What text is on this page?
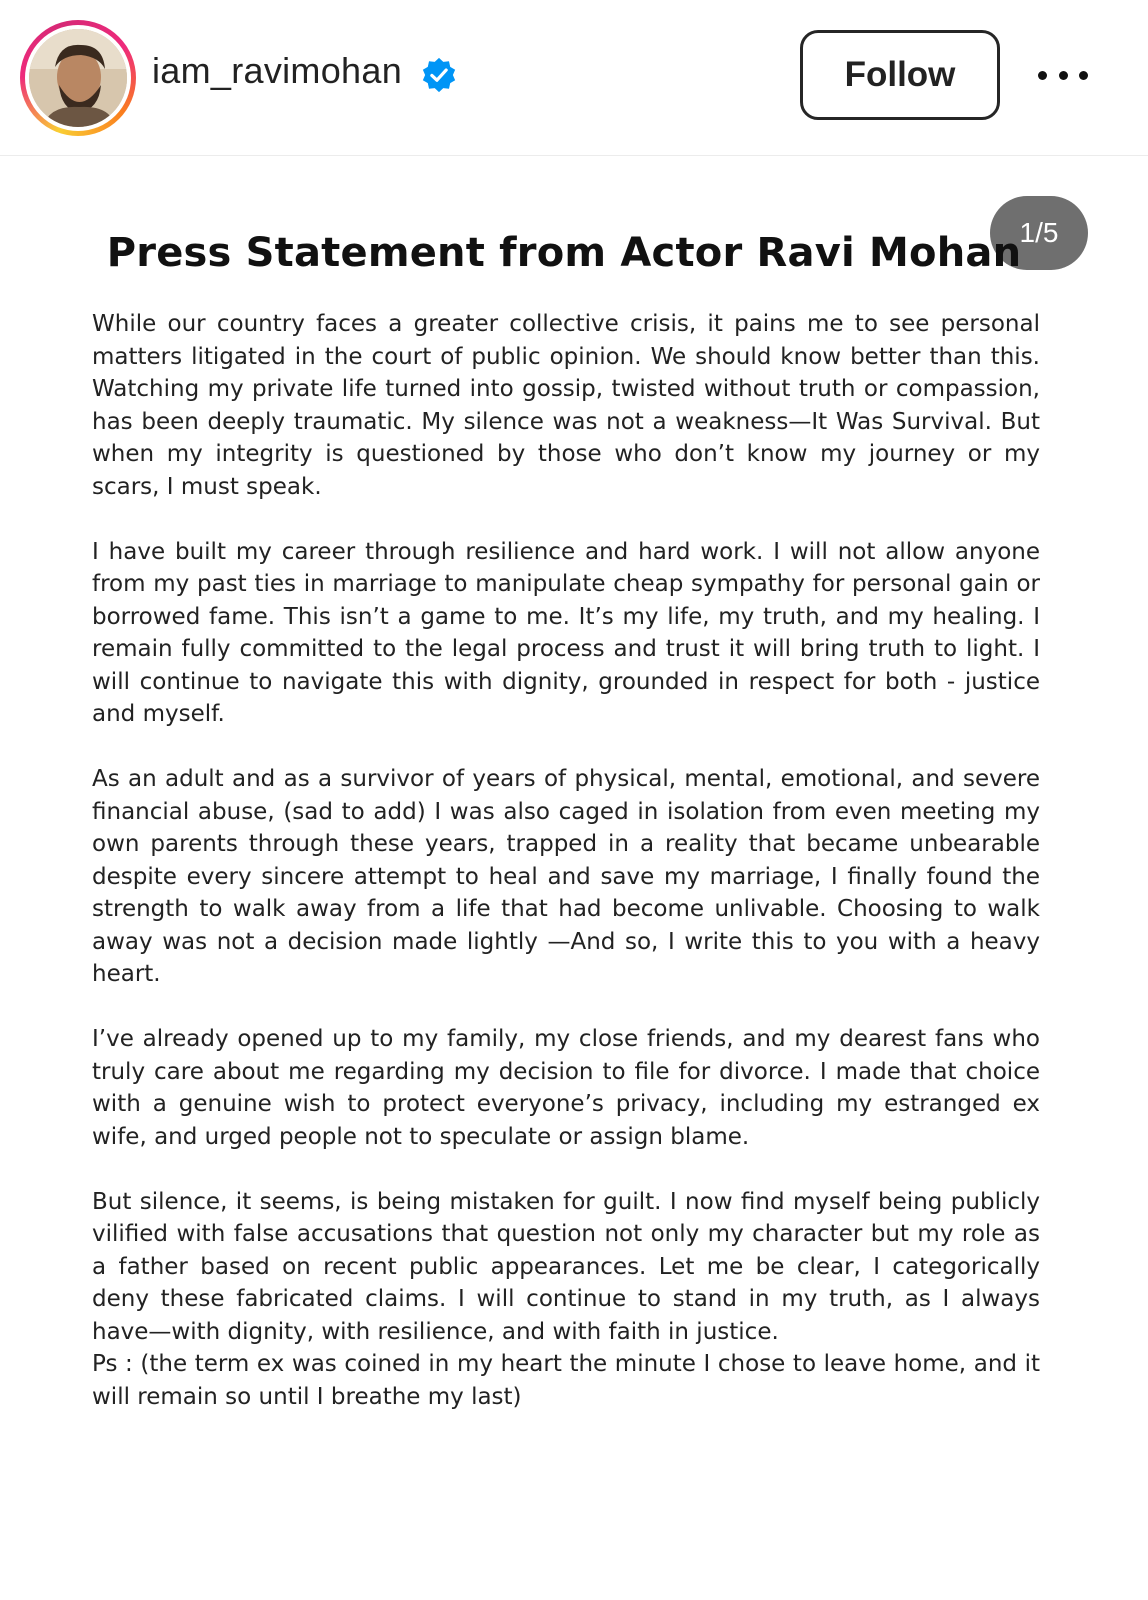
iam_ravimohan	Follow
1/5
Press Statement from Actor Ravi Mohan

While our country faces a greater collective crisis, it pains me to see personal matters litigated in the court of public opinion. We should know better than this. Watching my private life turned into gossip, twisted without truth or compassion, has been deeply traumatic. My silence was not a weakness—It Was Survival. But when my integrity is questioned by those who don’t know my journey or my scars, I must speak.

I have built my career through resilience and hard work. I will not allow anyone from my past ties in marriage to manipulate cheap sympathy for personal gain or borrowed fame. This isn’t a game to me. It’s my life, my truth, and my healing. I remain fully committed to the legal process and trust it will bring truth to light. I will continue to navigate this with dignity, grounded in respect for both - justice and myself.

As an adult and as a survivor of years of physical, mental, emotional, and severe financial abuse, (sad to add) I was also caged in isolation from even meeting my own parents through these years, trapped in a reality that became unbearable despite every sincere attempt to heal and save my marriage, I finally found the strength to walk away from a life that had become unlivable. Choosing to walk away was not a decision made lightly —And so, I write this to you with a heavy heart.

I’ve already opened up to my family, my close friends, and my dearest fans who truly care about me regarding my decision to file for divorce. I made that choice with a genuine wish to protect everyone’s privacy, including my estranged ex wife, and urged people not to speculate or assign blame.

But silence, it seems, is being mistaken for guilt. I now find myself being publicly vilified with false accusations that question not only my character but my role as a father based on recent public appearances. Let me be clear, I categorically deny these fabricated claims. I will continue to stand in my truth, as I always have—with dignity, with resilience, and with faith in justice.

Ps : (the term ex was coined in my heart the minute I chose to leave home, and it will remain so until I breathe my last)
